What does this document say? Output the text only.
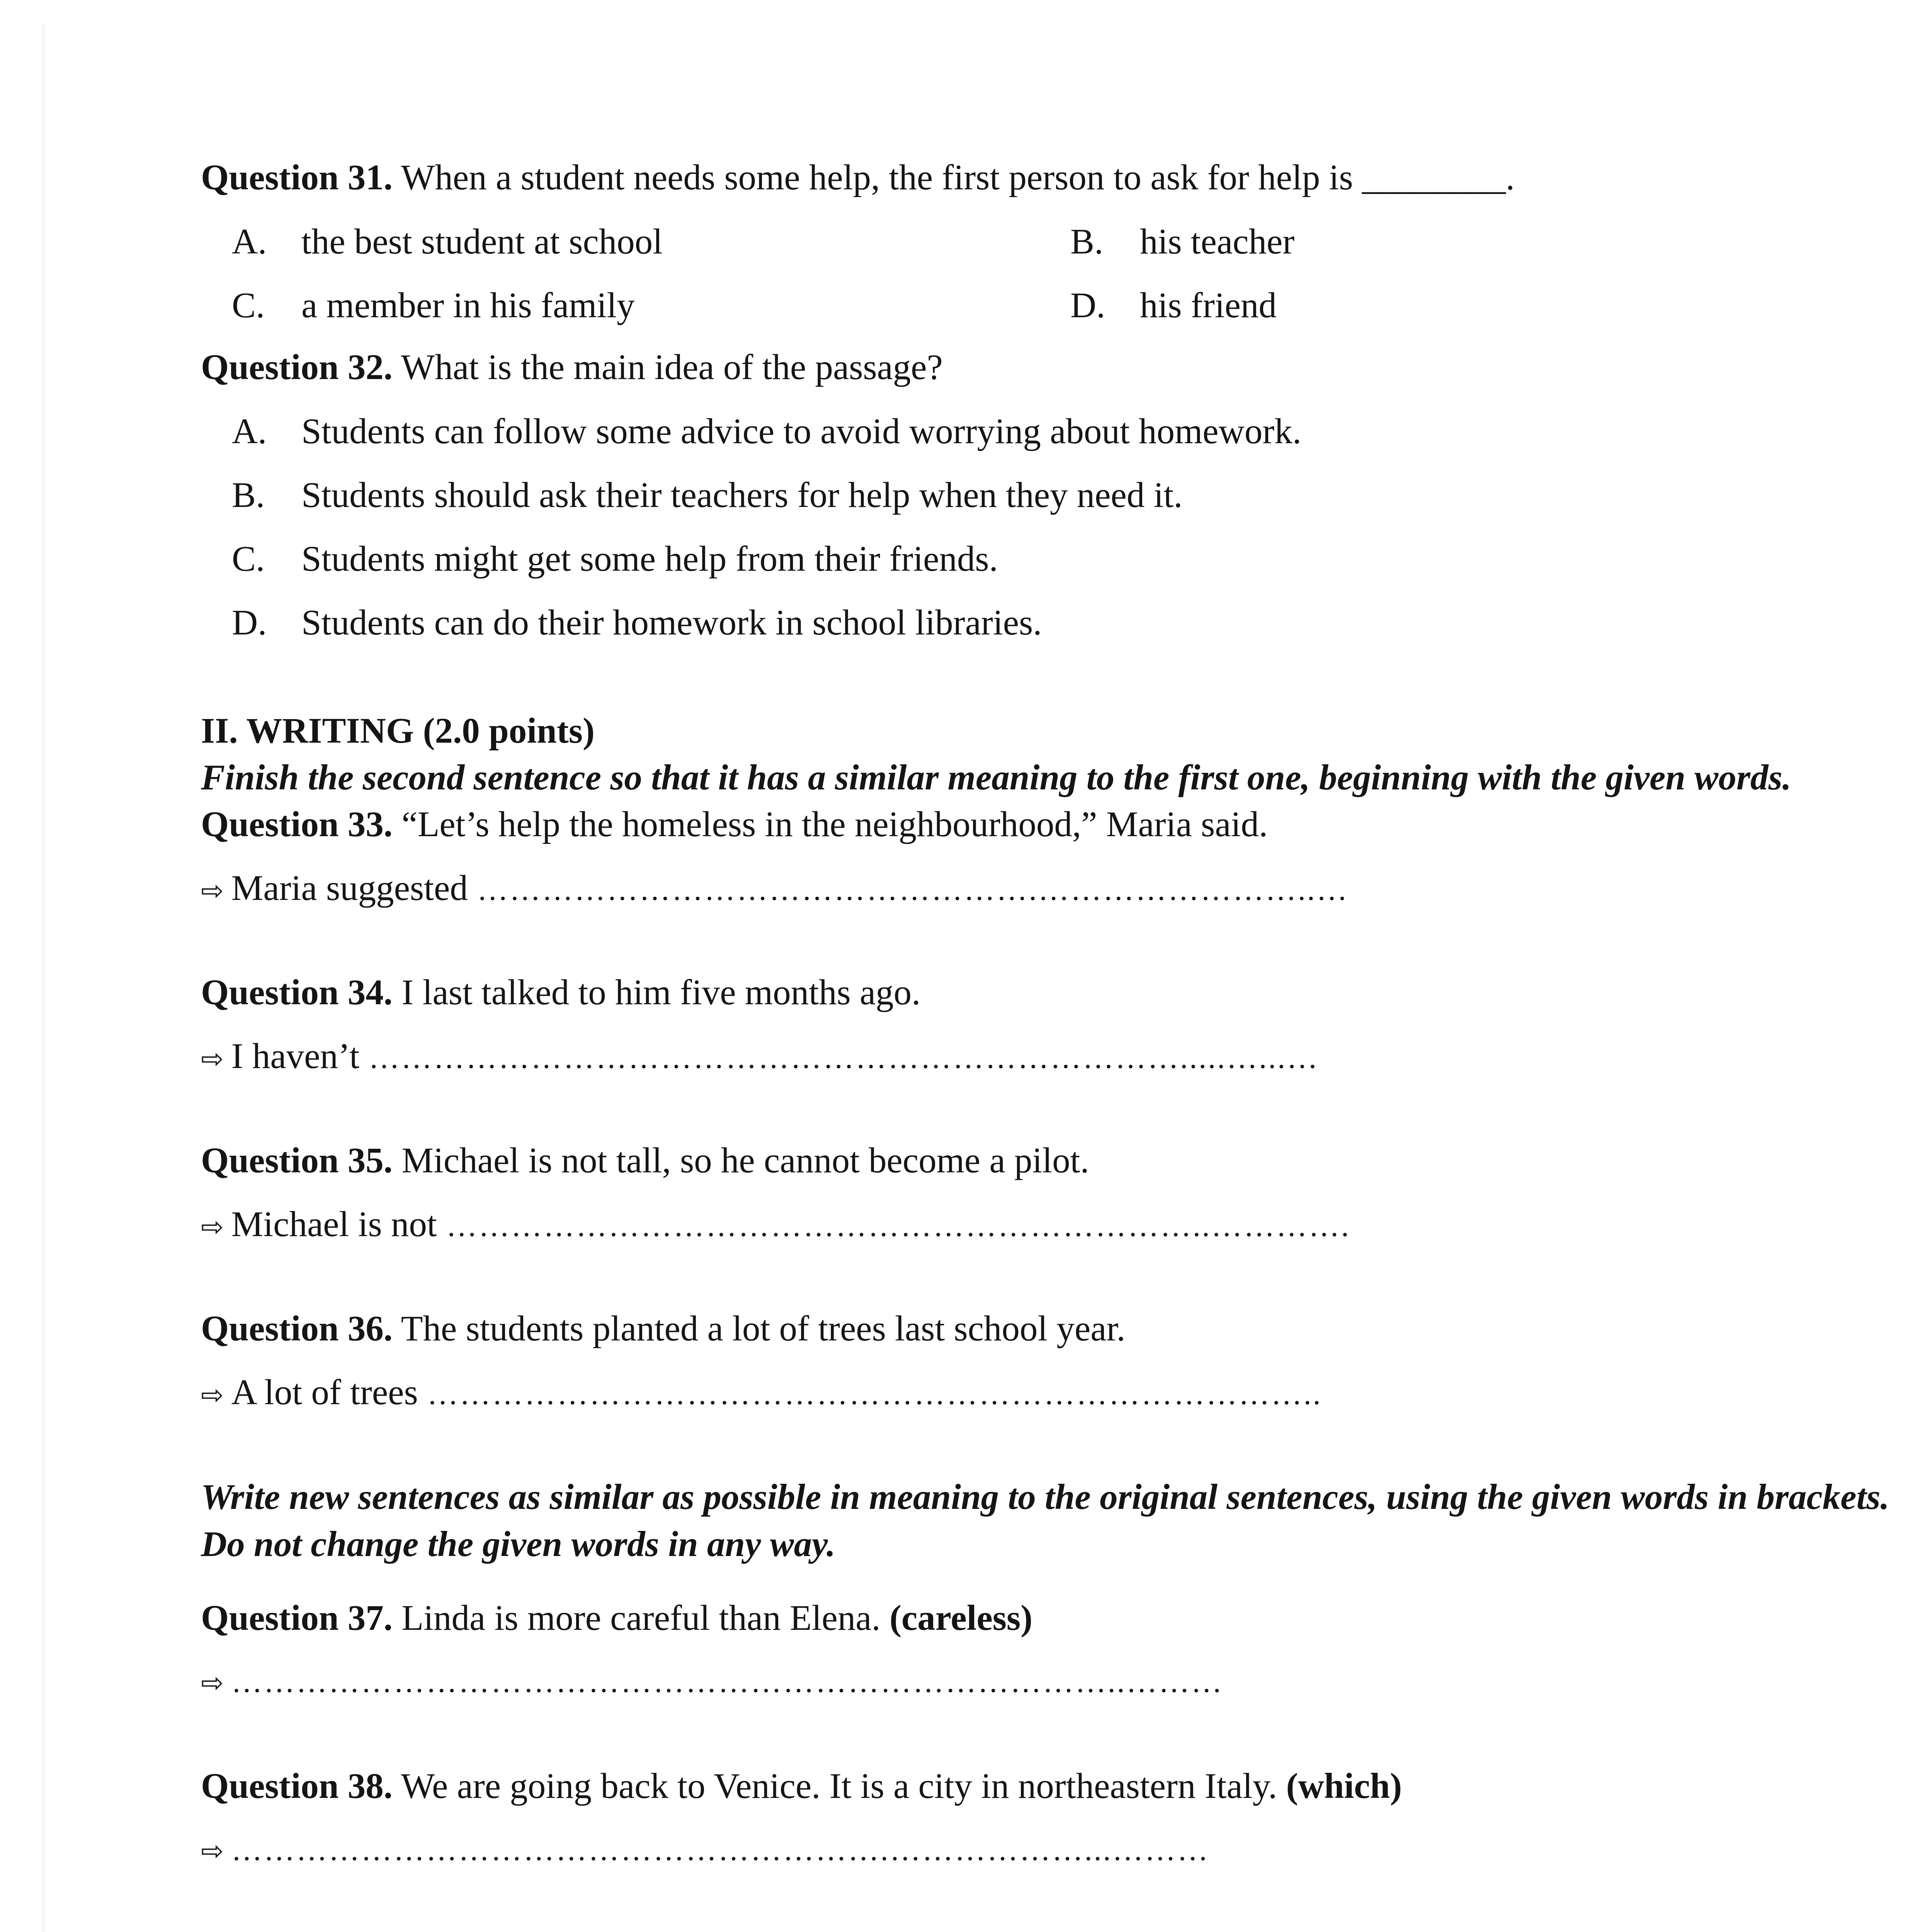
Question 31. When a student needs some help, the first person to ask for help is ________.
A. the best student at school	B.	his teacher
C.	a member in his family	D. his friend
Question 32. What is the main idea of the passage?
A. Students can follow some advice to avoid worrying about homework.
B.	Students should ask their teachers for help when they need it.
C.	Students might get some help from their friends.
D. Students can do their homework in school libraries.
II. WRITING (2.0 points)
Finish the second sentence so that it has a similar meaning to the first one, beginning with the given words.
Question 33. “Let’s help the homeless in the neighbourhood,” Maria said.
⇨ Maria suggested …………………………………………….……………………..…
Question 34. I last talked to him five months ago.
⇨ I haven’t ………………………………………………………………….....…...…
Question 35. Michael is not tall, so he cannot become a pilot.
⇨ Michael is not ……………………………………………………………..………….
Question 36. The students planted a lot of trees last school year.
⇨ A lot of trees ………………………………………………………………………..
Write new sentences as similar as possible in meaning to the original sentences, using the given words in brackets. Do not change the given words in any way.
Question 37. Linda is more careful than Elena. (careless)
⇨ ………………………………………………………………………..………
Question 38. We are going back to Venice. It is a city in northeastern Italy. (which)
⇨ …………………………………………………….………………...………
